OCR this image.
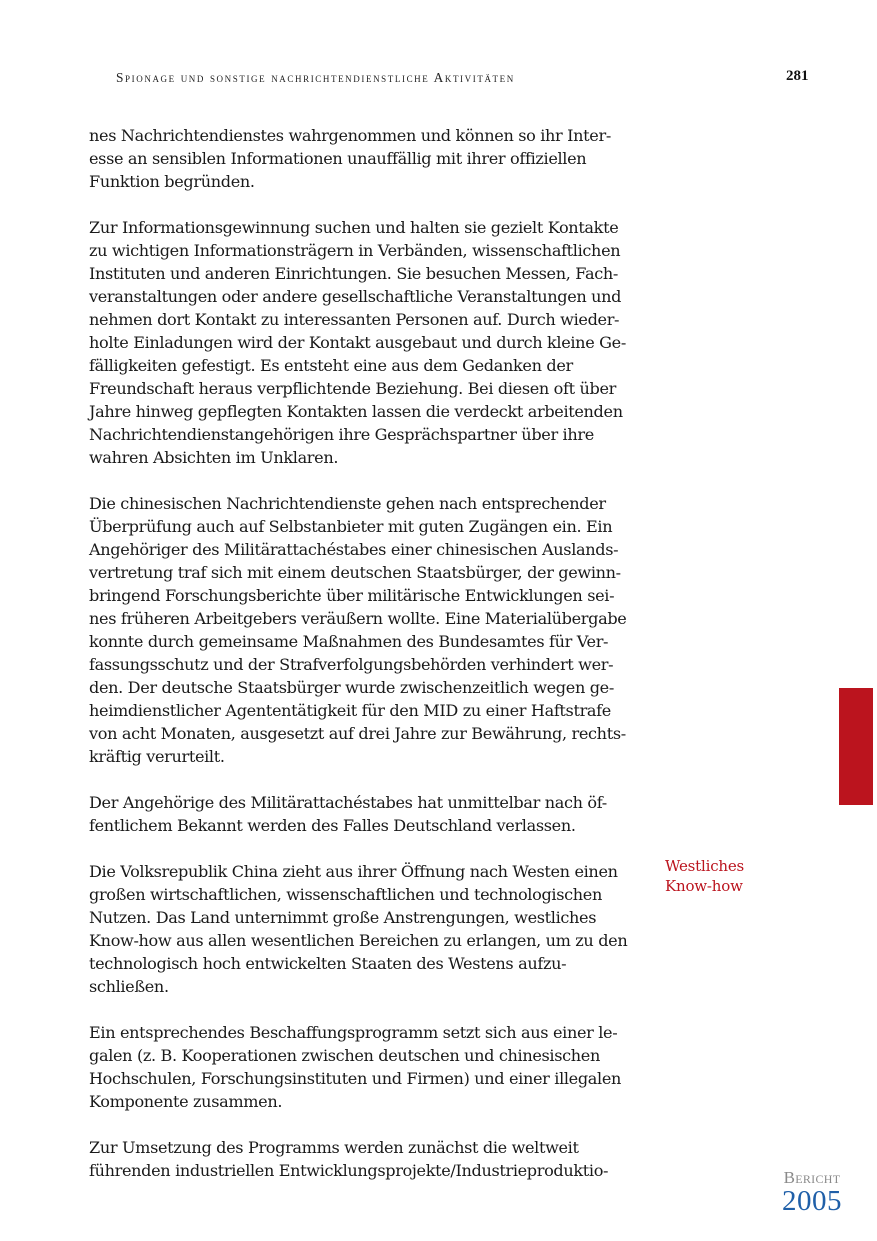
Spionage und sonstige nachrichtendienstliche Aktivitäten	281

nes Nachrichtendienstes wahrgenommen und können so ihr Inter-
esse an sensiblen Informationen unauffällig mit ihrer offiziellen
Funktion begründen.

Zur Informationsgewinnung suchen und halten sie gezielt Kontakte
zu wichtigen Informationsträgern in Verbänden, wissenschaftlichen
Instituten und anderen Einrichtungen. Sie besuchen Messen, Fach-
veranstaltungen oder andere gesellschaftliche Veranstaltungen und
nehmen dort Kontakt zu interessanten Personen auf. Durch wieder-
holte Einladungen wird der Kontakt ausgebaut und durch kleine Ge-
fälligkeiten gefestigt. Es entsteht eine aus dem Gedanken der
Freundschaft heraus verpflichtende Beziehung. Bei diesen oft über
Jahre hinweg gepflegten Kontakten lassen die verdeckt arbeitenden
Nachrichtendienstangehörigen ihre Gesprächspartner über ihre
wahren Absichten im Unklaren.

Die chinesischen Nachrichtendienste gehen nach entsprechender
Überprüfung auch auf Selbstanbieter mit guten Zugängen ein. Ein
Angehöriger des Militärattachéstabes einer chinesischen Auslands-
vertretung traf sich mit einem deutschen Staatsbürger, der gewinn-
bringend Forschungsberichte über militärische Entwicklungen sei-
nes früheren Arbeitgebers veräußern wollte. Eine Materialübergabe
konnte durch gemeinsame Maßnahmen des Bundesamtes für Ver-
fassungsschutz und der Strafverfolgungsbehörden verhindert wer-
den. Der deutsche Staatsbürger wurde zwischenzeitlich wegen ge-
heimdienstlicher Agententätigkeit für den MID zu einer Haftstrafe
von acht Monaten, ausgesetzt auf drei Jahre zur Bewährung, rechts-
kräftig verurteilt.

Der Angehörige des Militärattachéstabes hat unmittelbar nach öf-
fentlichem Bekannt werden des Falles Deutschland verlassen.

Die Volksrepublik China zieht aus ihrer Öffnung nach Westen einen
großen wirtschaftlichen, wissenschaftlichen und technologischen
Nutzen. Das Land unternimmt große Anstrengungen, westliches
Know-how aus allen wesentlichen Bereichen zu erlangen, um zu den
technologisch hoch entwickelten Staaten des Westens aufzu-
schließen.

Ein entsprechendes Beschaffungsprogramm setzt sich aus einer le-
galen (z. B. Kooperationen zwischen deutschen und chinesischen
Hochschulen, Forschungsinstituten und Firmen) und einer illegalen
Komponente zusammen.

Zur Umsetzung des Programms werden zunächst die weltweit
führenden industriellen Entwicklungsprojekte/Industrieproduktio-

Westliches
Know-how
Bericht
2005
